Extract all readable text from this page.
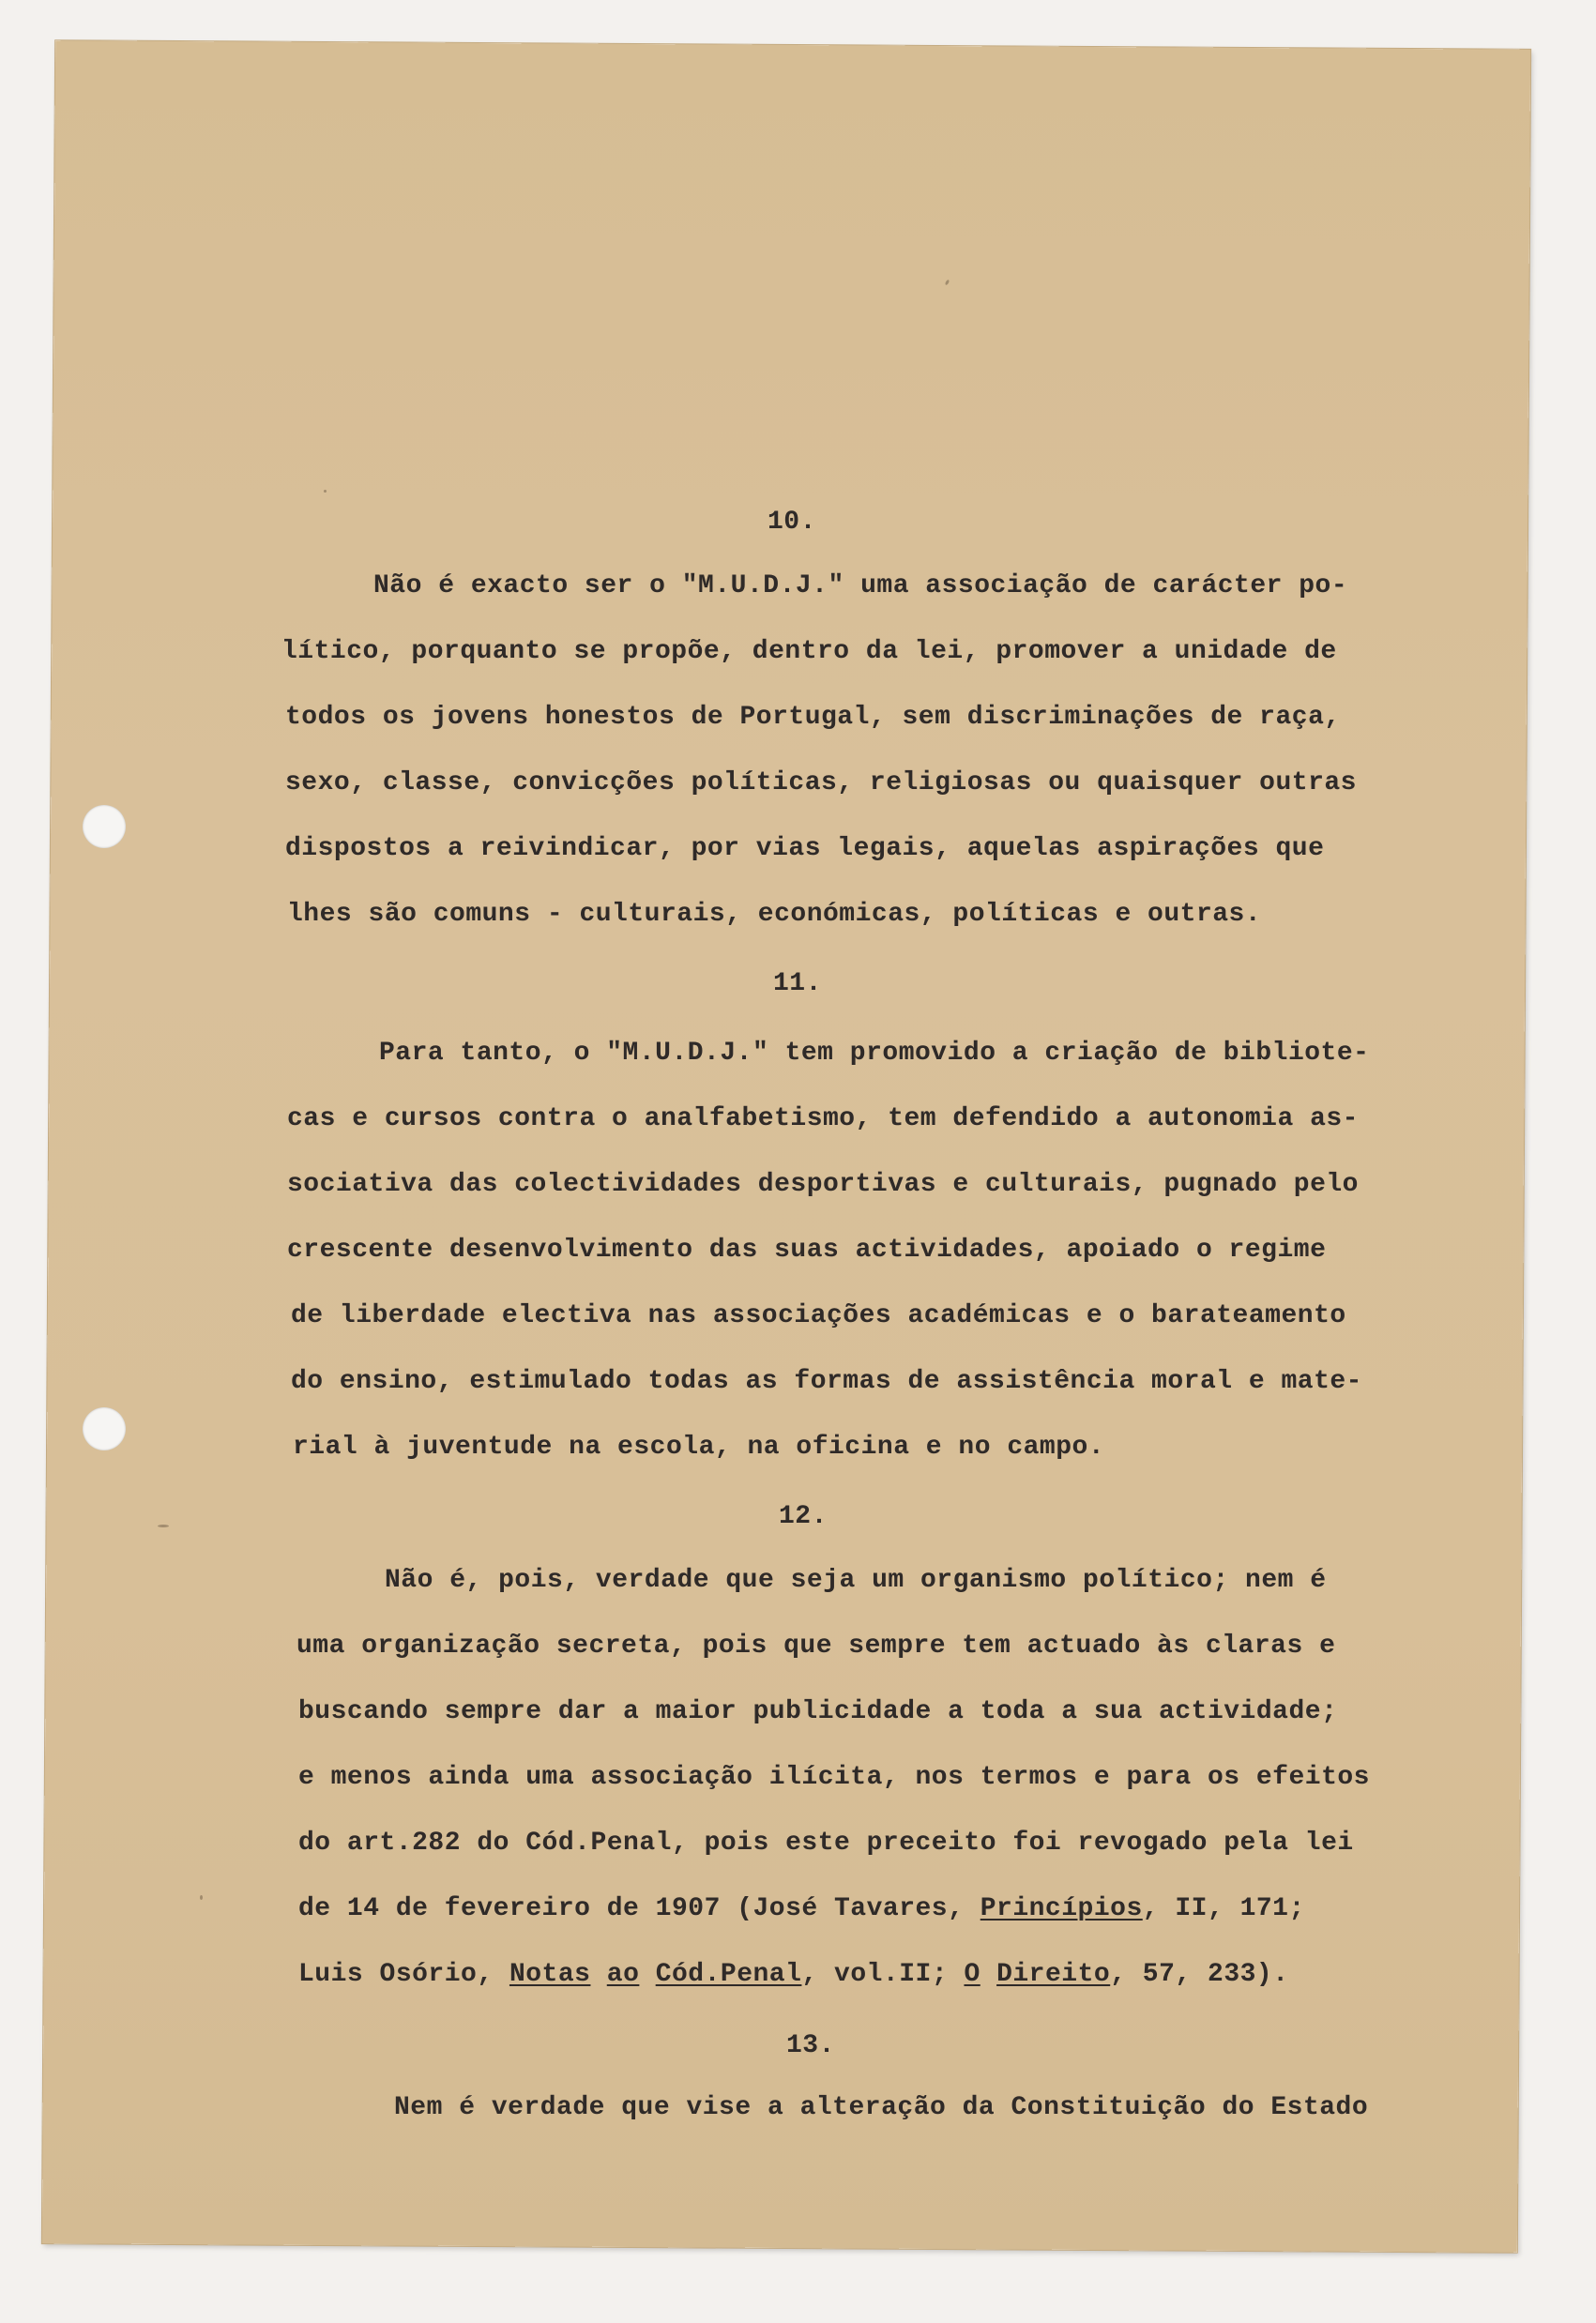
10.
Não é exacto ser o "M.U.D.J." uma associação de carácter po-
lítico, porquanto se propõe, dentro da lei, promover a unidade de
todos os jovens honestos de Portugal, sem discriminações de raça,
sexo, classe, convicções políticas, religiosas ou quaisquer outras
dispostos a reivindicar, por vias legais, aquelas aspirações que
lhes são comuns - culturais, económicas, políticas e outras.
11.
Para tanto, o "M.U.D.J." tem promovido a criação de bibliote-
cas e cursos contra o analfabetismo, tem defendido a autonomia as-
sociativa das colectividades desportivas e culturais, pugnado pelo
crescente desenvolvimento das suas actividades, apoiado o regime
de liberdade electiva nas associações académicas e o barateamento
do ensino, estimulado todas as formas de assistência moral e mate-
rial à juventude na escola, na oficina e no campo.
12.
Não é, pois, verdade que seja um organismo político; nem é
uma organização secreta, pois que sempre tem actuado às claras e
buscando sempre dar a maior publicidade a toda a sua actividade;
e menos ainda uma associação ilícita, nos termos e para os efeitos
do art.282 do Cód.Penal, pois este preceito foi revogado pela lei
de 14 de fevereiro de 1907 (José Tavares, Princípios, II, 171;
Luis Osório, Notas ao Cód.Penal, vol.II; O Direito, 57, 233).
13.
Nem é verdade que vise a alteração da Constituição do Estado
